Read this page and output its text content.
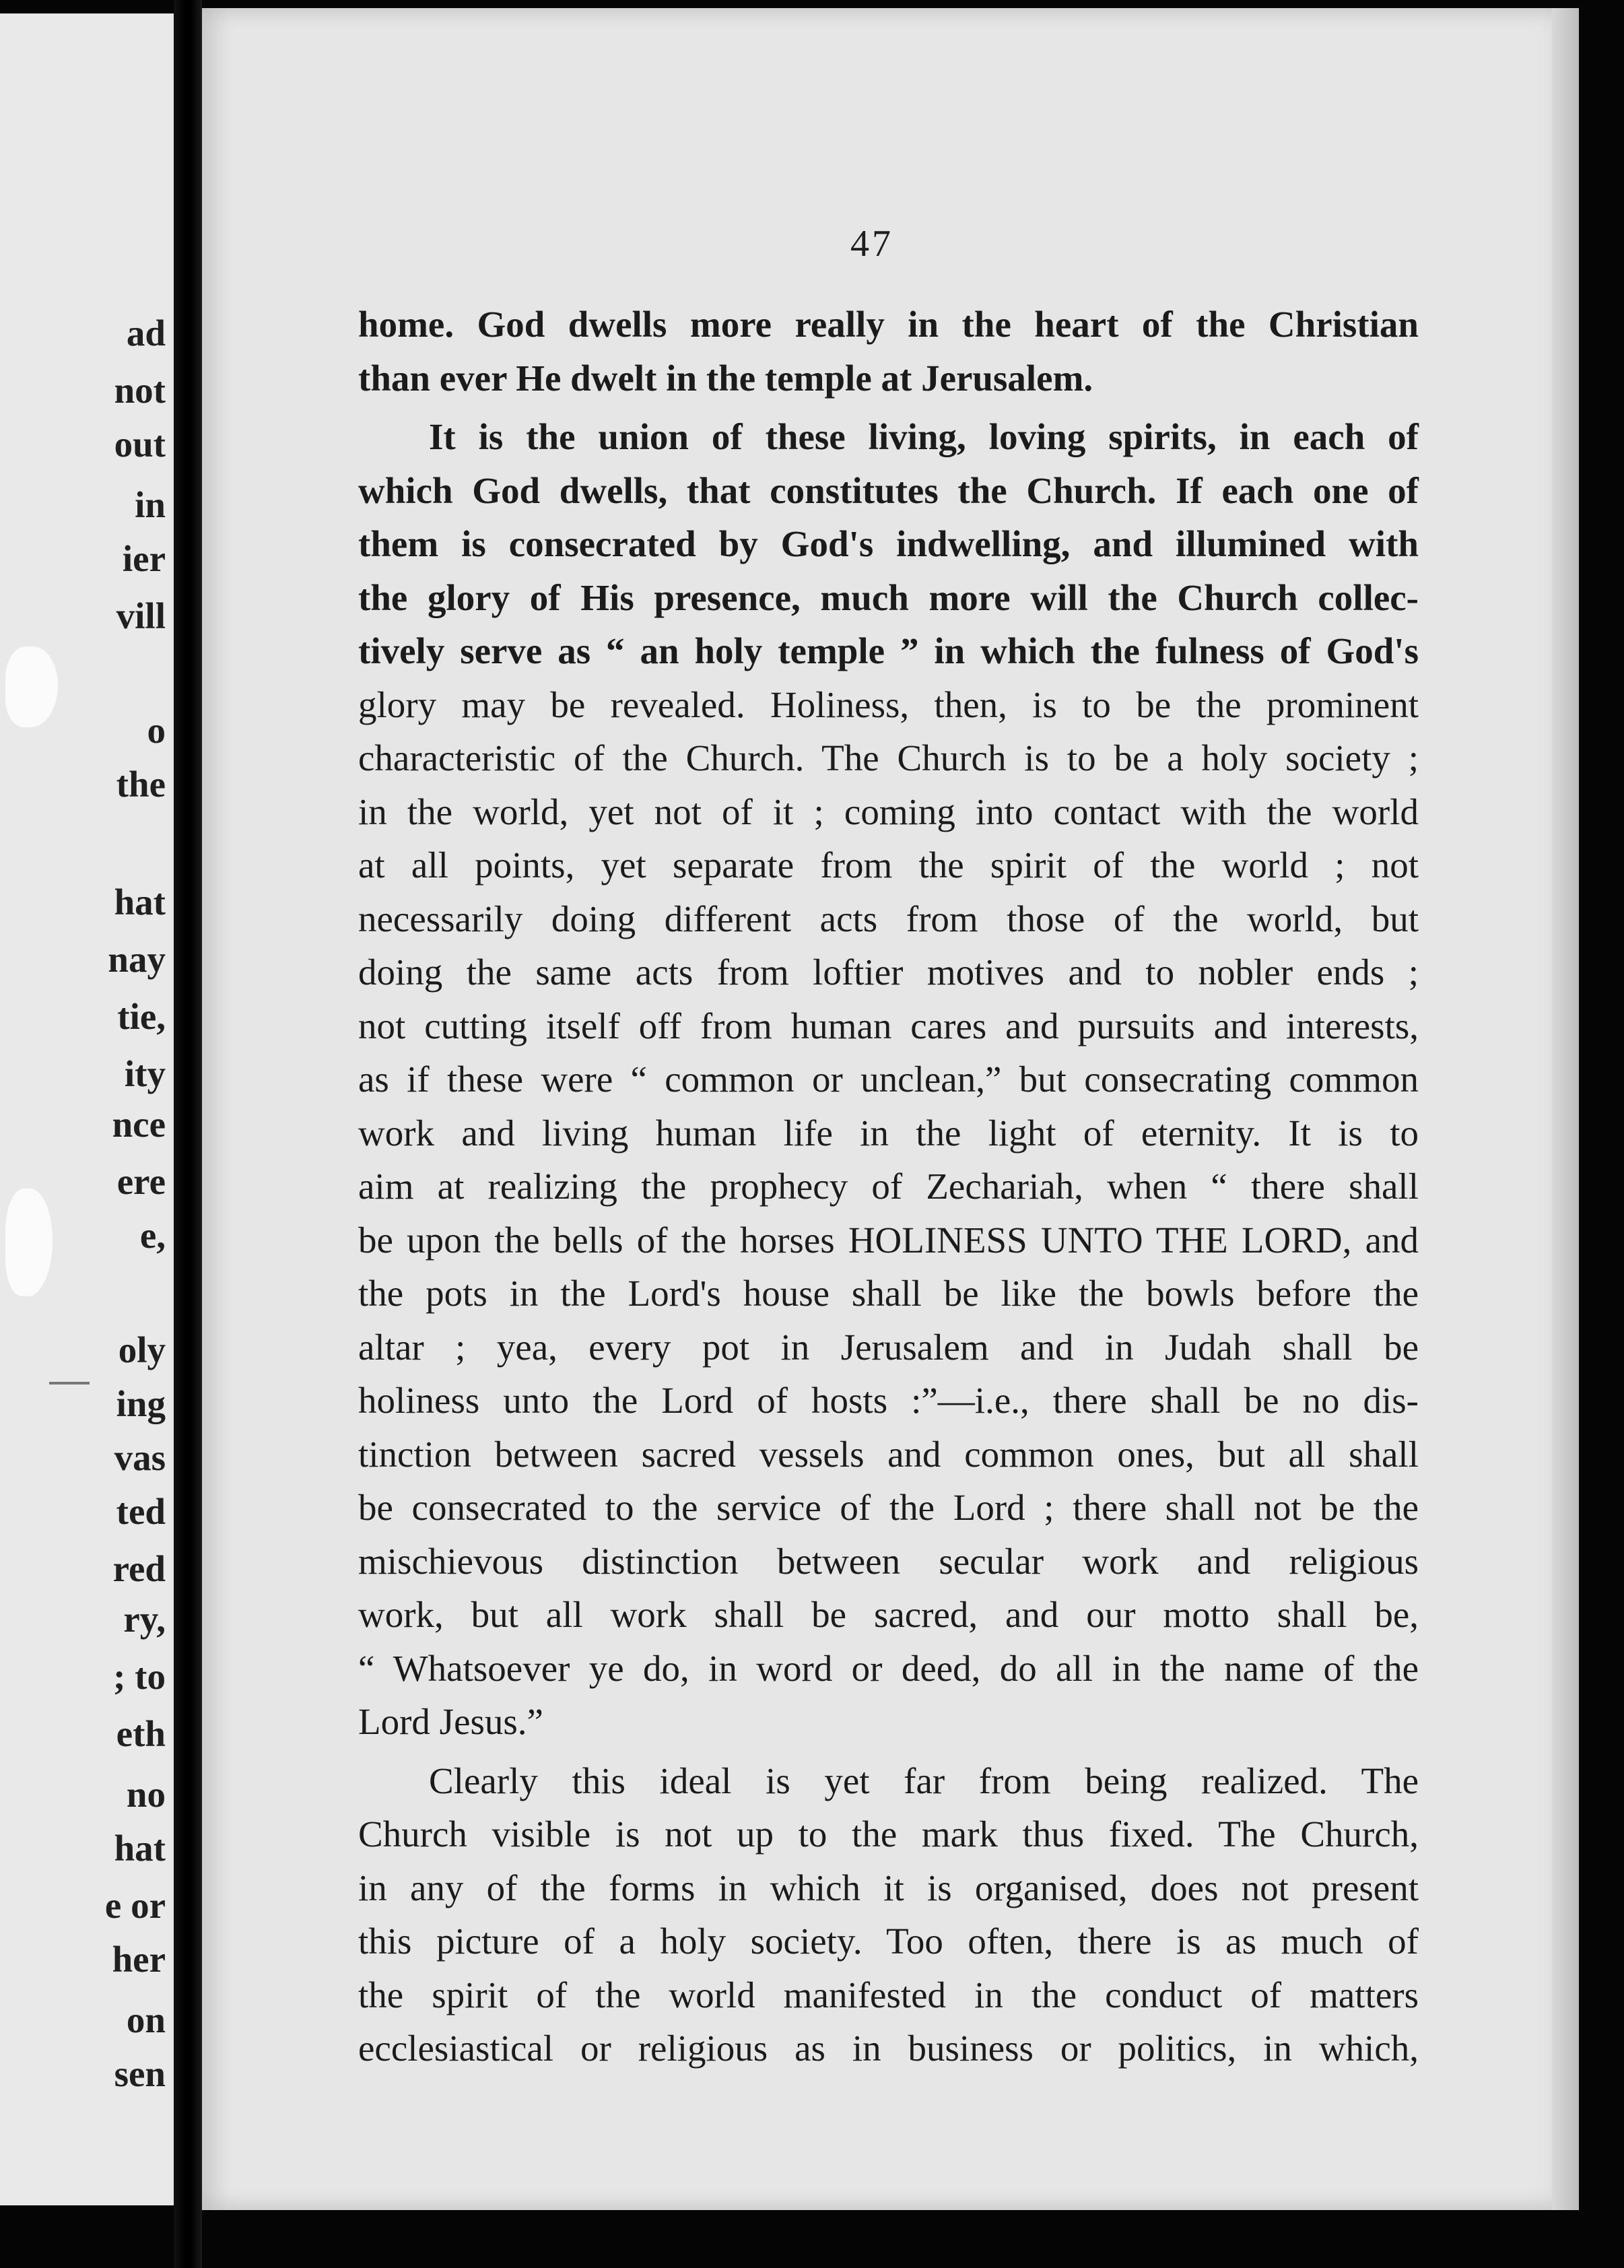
ad
not
out
in
ier
vill
o
the
hat
nay
tie,
ity
nce
ere
e,
oly
ing
vas
ted
red
ry,
; to
eth
no
hat
e or
her
on
sen
47
home. God dwells more really in the heart of the Christian
than ever He dwelt in the temple at Jerusalem.
It is the union of these living, loving spirits, in each of
which God dwells, that constitutes the Church. If each one of
them is consecrated by God's indwelling, and illumined with
the glory of His presence, much more will the Church collec-
tively serve as “ an holy temple ” in which the fulness of God's
glory may be revealed. Holiness, then, is to be the prominent
characteristic of the Church. The Church is to be a holy society ;
in the world, yet not of it ; coming into contact with the world
at all points, yet separate from the spirit of the world ; not
necessarily doing different acts from those of the world, but
doing the same acts from loftier motives and to nobler ends ;
not cutting itself off from human cares and pursuits and interests,
as if these were “ common or unclean,” but consecrating common
work and living human life in the light of eternity. It is to
aim at realizing the prophecy of Zechariah, when “ there shall
be upon the bells of the horses HOLINESS UNTO THE LORD, and
the pots in the Lord's house shall be like the bowls before the
altar ; yea, every pot in Jerusalem and in Judah shall be
holiness unto the Lord of hosts :”—i.e., there shall be no dis-
tinction between sacred vessels and common ones, but all shall
be consecrated to the service of the Lord ; there shall not be the
mischievous distinction between secular work and religious
work, but all work shall be sacred, and our motto shall be,
“ Whatsoever ye do, in word or deed, do all in the name of the
Lord Jesus.”
Clearly this ideal is yet far from being realized. The
Church visible is not up to the mark thus fixed. The Church,
in any of the forms in which it is organised, does not present
this picture of a holy society. Too often, there is as much of
the spirit of the world manifested in the conduct of matters
ecclesiastical or religious as in business or politics, in which,
